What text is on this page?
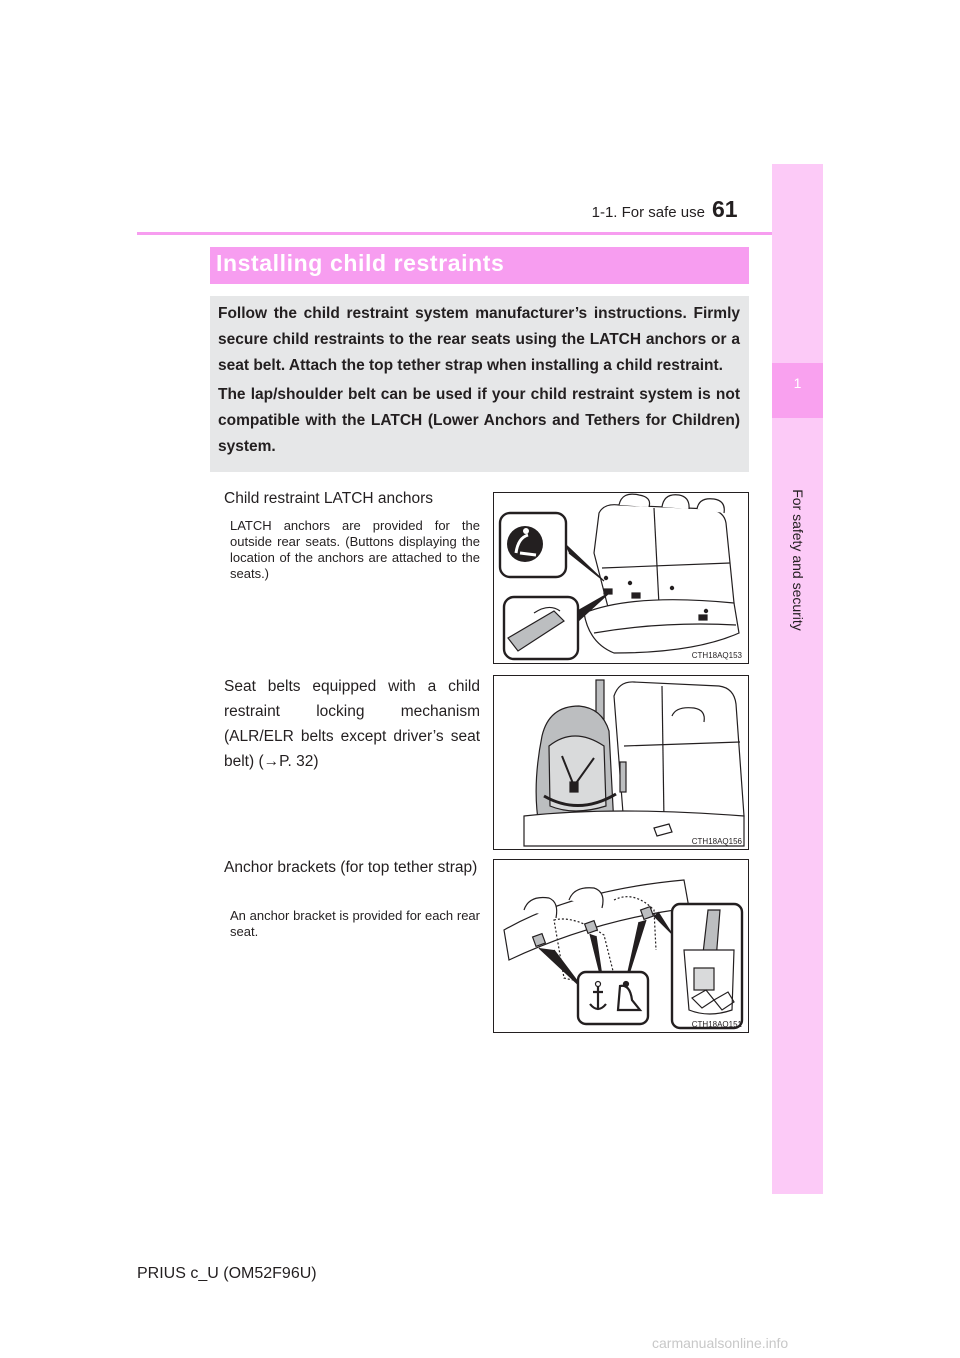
1-1. For safe use 61
1
For safety and security
Installing child restraints

Follow the child restraint system manufacturer’s instructions. Firmly secure child restraints to the rear seats using the LATCH anchors or a seat belt. Attach the top tether strap when installing a child restraint.

The lap/shoulder belt can be used if your child restraint system is not compatible with the LATCH (Lower Anchors and Tethers for Children) system.

Child restraint LATCH anchors
LATCH anchors are provided for the outside rear seats. (Buttons displaying the location of the anchors are attached to the seats.)
CTH18AQ153
Seat belts equipped with a child restraint locking mechanism (ALR/ELR belts except driver’s seat belt) (→P. 32)
CTH18AQ156
Anchor brackets (for top tether strap)
An anchor bracket is provided for each rear seat.
CTH18AQ151
PRIUS c_U (OM52F96U)
carmanualsonline.info
